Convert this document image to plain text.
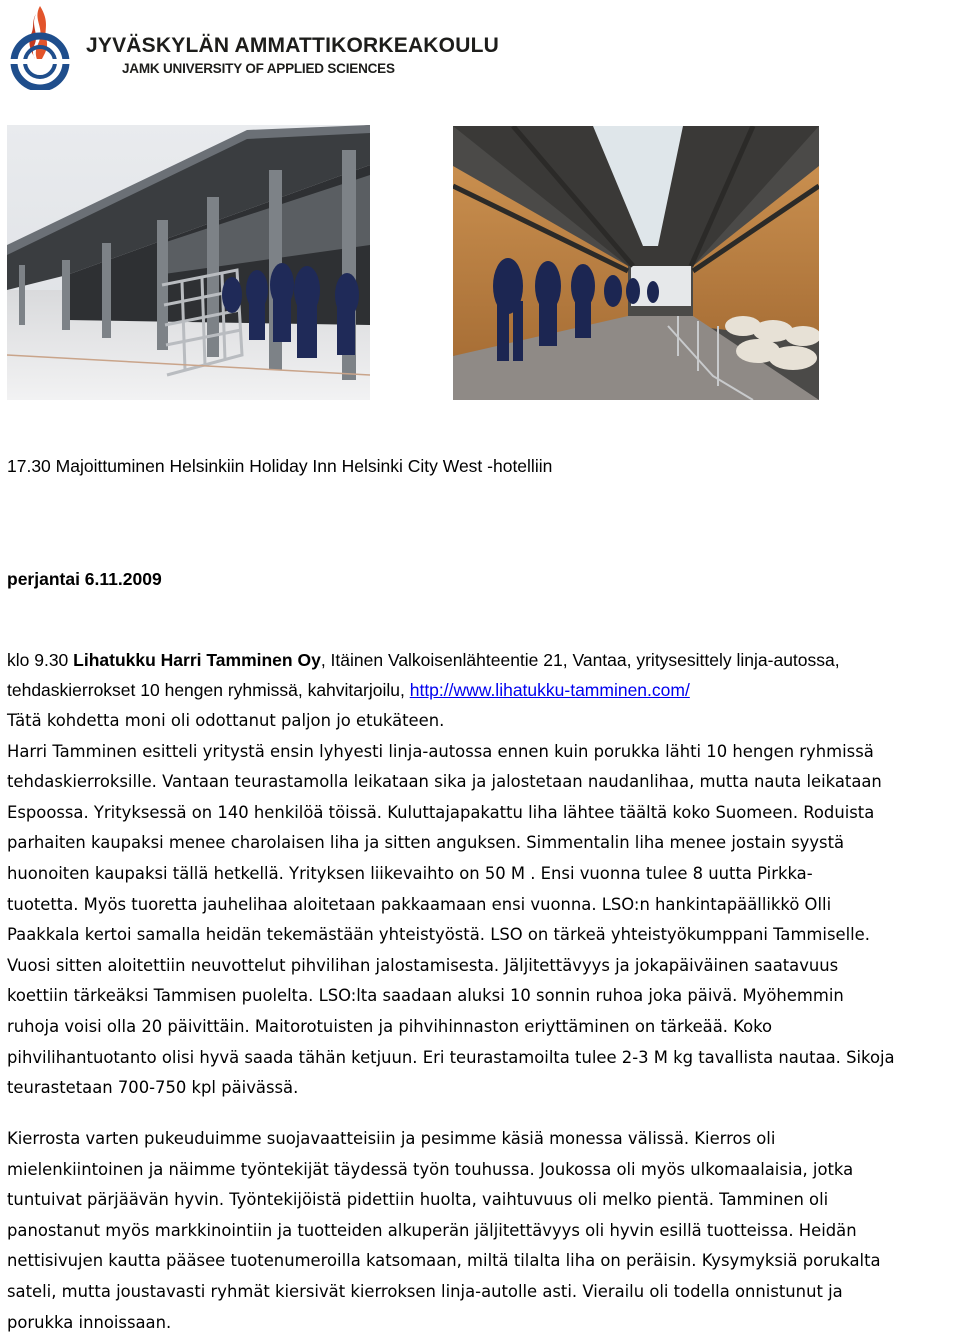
JYVÄSKYLÄN AMMATTIKORKEAKOULU
JAMK UNIVERSITY OF APPLIED SCIENCES
17.30 Majoittuminen Helsinkiin Holiday Inn Helsinki City West -hotelliin
perjantai 6.11.2009
klo 9.30 Lihatukku Harri Tamminen Oy, Itäinen Valkoisenlähteentie 21, Vantaa, yritysesittely linja-autossa,
tehdaskierrokset 10 hengen ryhmissä, kahvitarjoilu, http://www.lihatukku-tamminen.com/
Tätä kohdetta moni oli odottanut paljon jo etukäteen.
Harri Tamminen esitteli yritystä ensin lyhyesti linja-autossa ennen kuin porukka lähti 10 hengen ryhmissä
tehdaskierroksille. Vantaan teurastamolla leikataan sika ja jalostetaan naudanlihaa, mutta nauta leikataan
Espoossa. Yrityksessä on 140 henkilöä töissä. Kuluttajapakattu liha lähtee täältä koko Suomeen. Roduista
parhaiten kaupaksi menee charolaisen liha ja sitten anguksen. Simmentalin liha menee jostain syystä
huonoiten kaupaksi tällä hetkellä. Yrityksen liikevaihto on 50 M . Ensi vuonna tulee 8 uutta Pirkka-
tuotetta. Myös tuoretta jauhelihaa aloitetaan pakkaamaan ensi vuonna. LSO:n hankintapäällikkö Olli
Paakkala kertoi samalla heidän tekemästään yhteistyöstä. LSO on tärkeä yhteistyökumppani Tammiselle.
Vuosi sitten aloitettiin neuvottelut pihvilihan jalostamisesta. Jäljitettävyys ja jokapäiväinen saatavuus
koettiin tärkeäksi Tammisen puolelta. LSO:lta saadaan aluksi 10 sonnin ruhoa joka päivä. Myöhemmin
ruhoja voisi olla 20 päivittäin. Maitorotuisten ja pihvihinnaston eriyttäminen on tärkeää. Koko
pihvilihantuotanto olisi hyvä saada tähän ketjuun. Eri teurastamoilta tulee 2-3 M kg tavallista nautaa. Sikoja
teurastetaan 700-750 kpl päivässä.
Kierrosta varten pukeuduimme suojavaatteisiin ja pesimme käsiä monessa välissä. Kierros oli
mielenkiintoinen ja näimme työntekijät täydessä työn touhussa. Joukossa oli myös ulkomaalaisia, jotka
tuntuivat pärjäävän hyvin. Työntekijöistä pidettiin huolta, vaihtuvuus oli melko pientä. Tamminen oli
panostanut myös markkinointiin ja tuotteiden alkuperän jäljitettävyys oli hyvin esillä tuotteissa. Heidän
nettisivujen kautta pääsee tuotenumeroilla katsomaan, miltä tilalta liha on peräisin. Kysymyksiä porukalta
sateli, mutta joustavasti ryhmät kiersivät kierroksen linja-autolle asti. Vierailu oli todella onnistunut ja
porukka innoissaan.
